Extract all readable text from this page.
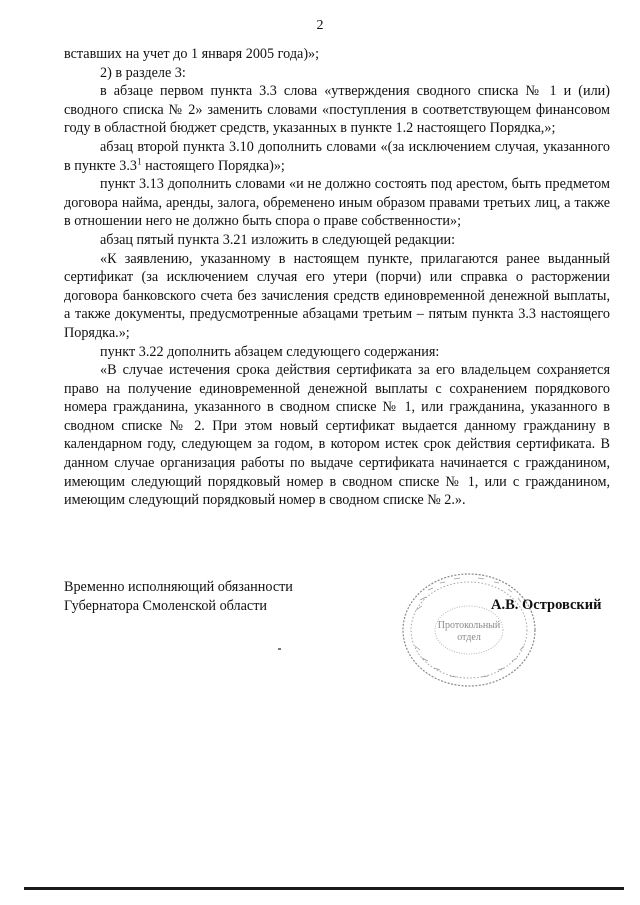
2

вставших на учет до 1 января 2005 года)»;

2) в разделе 3:

в абзаце первом пункта 3.3 слова «утверждения сводного списка № 1 и (или) сводного списка № 2» заменить словами «поступления в соответствующем финансовом году в областной бюджет средств, указанных в пункте 1.2 настоящего Порядка,»;

абзац второй пункта 3.10 дополнить словами «(за исключением случая, указанного в пункте $3.3^1$ настоящего Порядка)»;

пункт 3.13 дополнить словами «и не должно состоять под арестом, быть предметом договора найма, аренды, залога, обременено иным образом правами третьих лиц, а также в отношении него не должно быть спора о праве собственности»;

абзац пятый пункта 3.21 изложить в следующей редакции:

«К заявлению, указанному в настоящем пункте, прилагаются ранее выданный сертификат (за исключением случая его утери (порчи) или справка о расторжении договора банковского счета без зачисления средств единовременной денежной выплаты, а также документы, предусмотренные абзацами третьим – пятым пункта 3.3 настоящего Порядка.»;

пункт 3.22 дополнить абзацем следующего содержания:

«В случае истечения срока действия сертификата за его владельцем сохраняется право на получение единовременной денежной выплаты с сохранением порядкового номера гражданина, указанного в сводном списке № 1, или гражданина, указанного в сводном списке № 2. При этом новый сертификат выдается данному гражданину в календарном году, следующем за годом, в котором истек срок действия сертификата. В данном случае организация работы по выдаче сертификата начинается с гражданином, имеющим следующий порядковый номер в сводном списке № 1, или с гражданином, имеющим следующий порядковый номер в сводном списке № 2.».

Временно исполняющий обязанности
Губернатора Смоленской области
Протокольный
отдел
А.В. Островский
